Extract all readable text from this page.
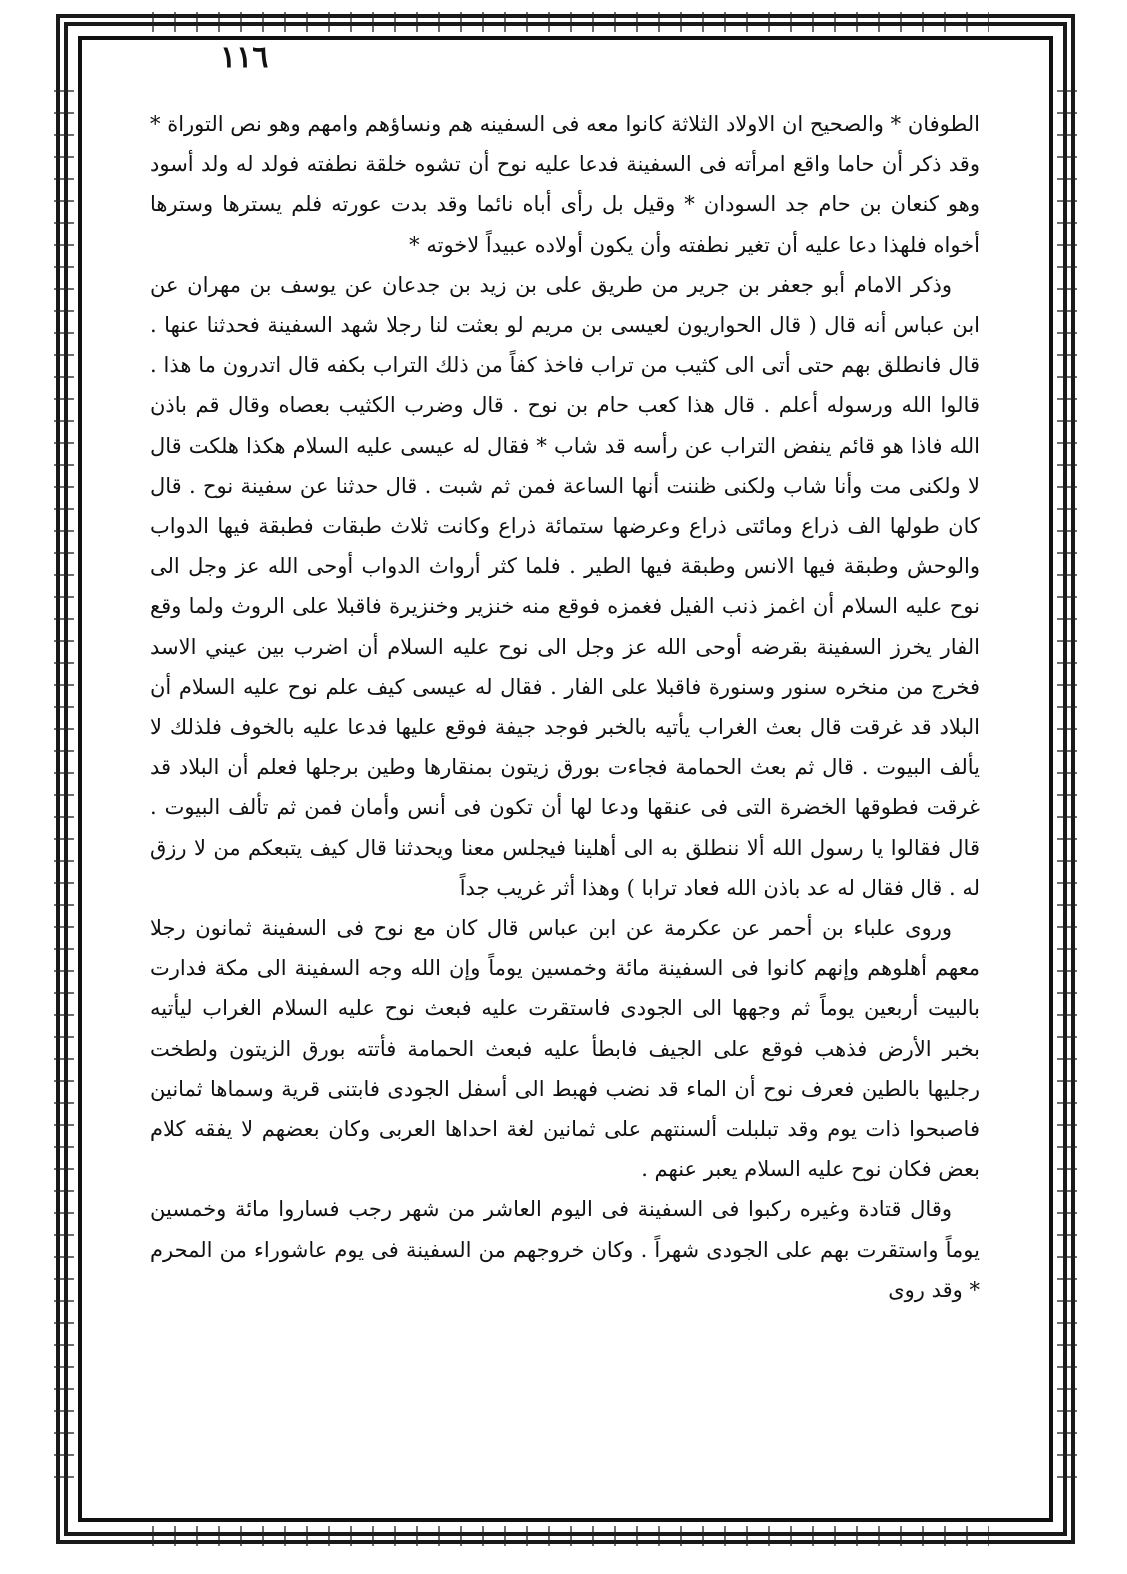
١١٦

الطوفان * والصحيح ان الاولاد الثلاثة كانوا معه فى السفينه هم ونساؤهم وامهم وهو نص التوراة * وقد ذكر أن حاما واقع امرأته فى السفينة فدعا عليه نوح أن تشوه خلقة نطفته فولد له ولد أسود وهو كنعان بن حام جد السودان * وقيل بل رأى أباه نائما وقد بدت عورته فلم يسترها وسترها أخواه فلهذا دعا عليه أن تغير نطفته وأن يكون أولاده عبيداً لاخوته *

وذكر الامام أبو جعفر بن جرير من طريق على بن زيد بن جدعان عن يوسف بن مهران عن ابن عباس أنه قال ( قال الحواريون لعيسى بن مريم لو بعثت لنا رجلا شهد السفينة فحدثنا عنها . قال فانطلق بهم حتى أتى الى كثيب من تراب فاخذ كفاً من ذلك التراب بكفه قال اتدرون ما هذا . قالوا الله ورسوله أعلم . قال هذا كعب حام بن نوح . قال وضرب الكثيب بعصاه وقال قم باذن الله فاذا هو قائم ينفض التراب عن رأسه قد شاب * فقال له عيسى عليه السلام هكذا هلكت قال لا ولكنى مت وأنا شاب ولكنى ظننت أنها الساعة فمن ثم شبت . قال حدثنا عن سفينة نوح . قال كان طولها الف ذراع ومائتى ذراع وعرضها ستمائة ذراع وكانت ثلاث طبقات فطبقة فيها الدواب والوحش وطبقة فيها الانس وطبقة فيها الطير . فلما كثر أرواث الدواب أوحى الله عز وجل الى نوح عليه السلام أن اغمز ذنب الفيل فغمزه فوقع منه خنزير وخنزيرة فاقبلا على الروث ولما وقع الفار يخرز السفينة بقرضه أوحى الله عز وجل الى نوح عليه السلام أن اضرب بين عيني الاسد فخرج من منخره سنور وسنورة فاقبلا على الفار . فقال له عيسى كيف علم نوح عليه السلام أن البلاد قد غرقت قال بعث الغراب يأتيه بالخبر فوجد جيفة فوقع عليها فدعا عليه بالخوف فلذلك لا يألف البيوت . قال ثم بعث الحمامة فجاءت بورق زيتون بمنقارها وطين برجلها فعلم أن البلاد قد غرقت فطوقها الخضرة التى فى عنقها ودعا لها أن تكون فى أنس وأمان فمن ثم تألف البيوت . قال فقالوا يا رسول الله ألا ننطلق به الى أهلينا فيجلس معنا ويحدثنا قال كيف يتبعكم من لا رزق له . قال فقال له عد باذن الله فعاد ترابا ) وهذا أثر غريب جداً

وروى علباء بن أحمر عن عكرمة عن ابن عباس قال كان مع نوح فى السفينة ثمانون رجلا معهم أهلوهم وإنهم كانوا فى السفينة مائة وخمسين يوماً وإن الله وجه السفينة الى مكة فدارت بالبيت أربعين يوماً ثم وجهها الى الجودى فاستقرت عليه فبعث نوح عليه السلام الغراب ليأتيه بخبر الأرض فذهب فوقع على الجيف فابطأ عليه فبعث الحمامة فأتته بورق الزيتون ولطخت رجليها بالطين فعرف نوح أن الماء قد نضب فهبط الى أسفل الجودى فابتنى قرية وسماها ثمانين فاصبحوا ذات يوم وقد تبلبلت ألسنتهم على ثمانين لغة احداها العربى وكان بعضهم لا يفقه كلام بعض فكان نوح عليه السلام يعبر عنهم .

وقال قتادة وغيره ركبوا فى السفينة فى اليوم العاشر من شهر رجب فساروا مائة وخمسين يوماً واستقرت بهم على الجودى شهراً . وكان خروجهم من السفينة فى يوم عاشوراء من المحرم * وقد روى
